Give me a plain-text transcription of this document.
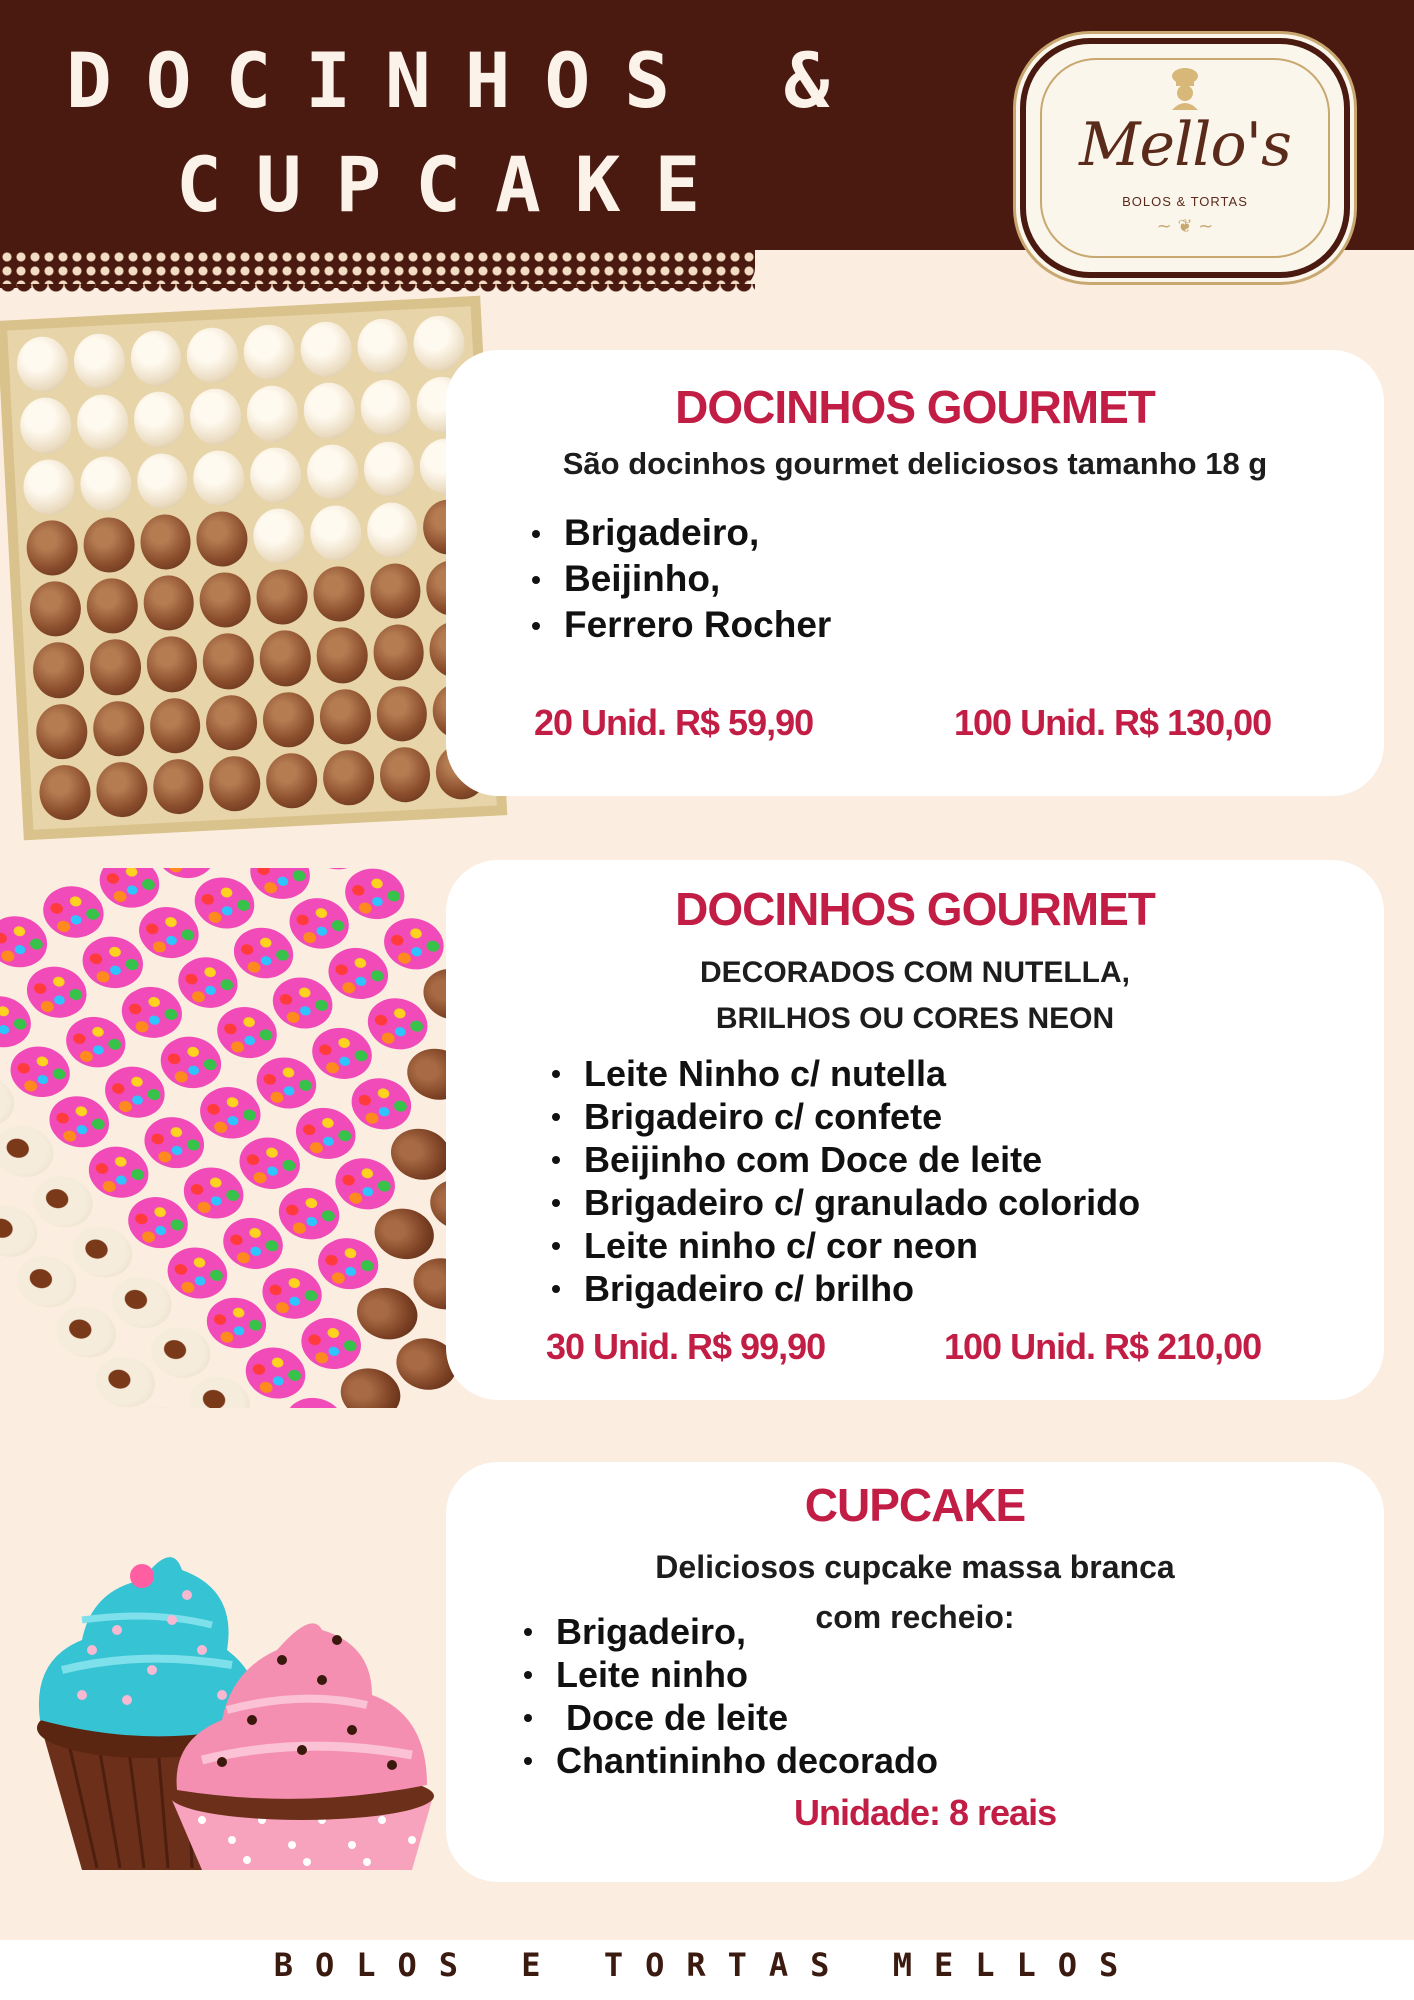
DOCINHOS &
CUPCAKE	Mello's
BOLOS & TORTAS
~ ❦ ~
DOCINHOS GOURMET
São docinhos gourmet deliciosos tamanho 18 g
Brigadeiro,
Beijinho,
Ferrero Rocher
20 Unid. R$ 59,90	100 Unid. R$ 130,00
DOCINHOS GOURMET
DECORADOS COM NUTELLA,
BRILHOS OU CORES NEON
Leite Ninho c/ nutella
Brigadeiro c/ confete
Beijinho com Doce de leite
Brigadeiro c/ granulado colorido
Leite ninho c/ cor neon
Brigadeiro c/ brilho
30 Unid. R$ 99,90	100 Unid. R$ 210,00
CUPCAKE
Deliciosos cupcake massa branca
com recheio:
Brigadeiro,
Leite ninho
Doce de leite
Chantininho decorado
Unidade: 8 reais
BOLOS E TORTAS MELLOS
